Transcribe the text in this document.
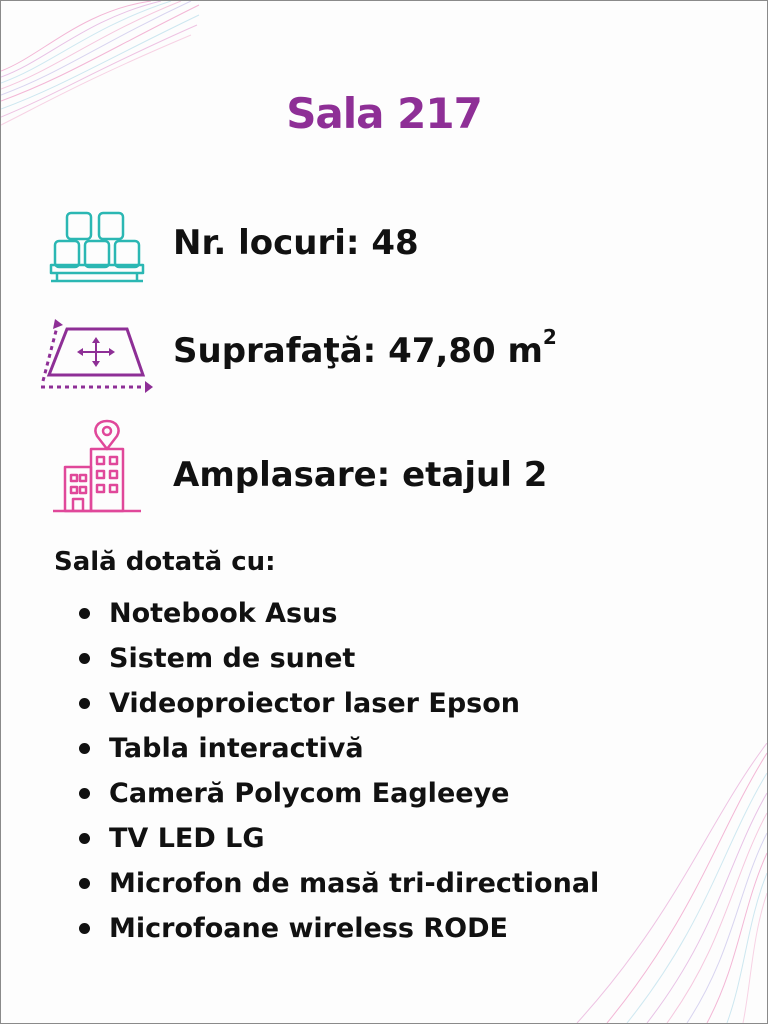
Sala 217
Nr. locuri: 48
Suprafaţă: 47,80 $m^2$
Amplasare: etajul 2
Sală dotată cu:
Notebook Asus
Sistem de sunet
Videoproiector laser Epson
Tabla interactivă
Cameră Polycom Eagleeye
TV LED LG
Microfon de masă tri-directional
Microfoane wireless RODE
